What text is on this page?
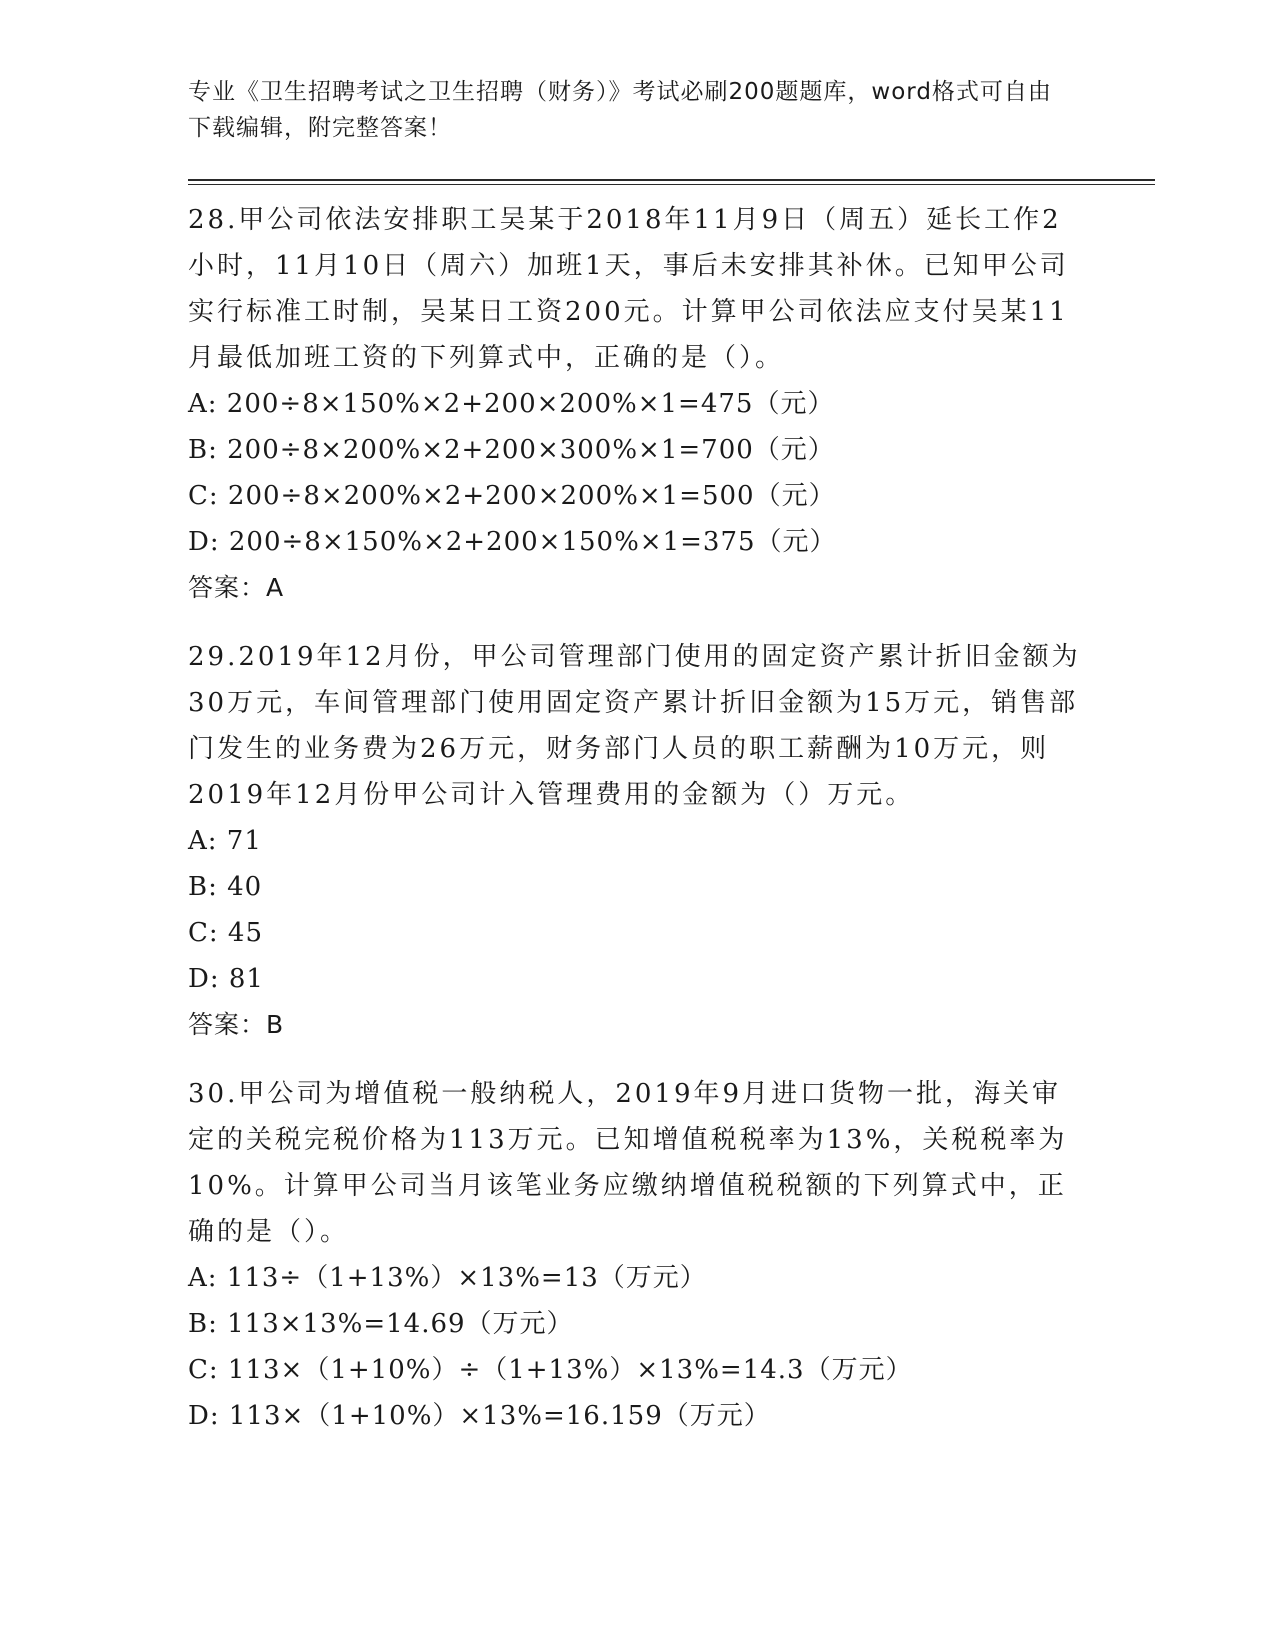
专业《卫生招聘考试之卫生招聘（财务）》考试必刷200题题库，word格式可自由下载编辑，附完整答案！

28.甲公司依法安排职工吴某于2018年11月9日（周五）延长工作2小时，11月10日（周六）加班1天，事后未安排其补休。已知甲公司实行标准工时制，吴某日工资200元。计算甲公司依法应支付吴某11月最低加班工资的下列算式中，正确的是（）。

A: 200÷8×150%×2+200×200%×1=475（元）

B: 200÷8×200%×2+200×300%×1=700（元）

C: 200÷8×200%×2+200×200%×1=500（元）

D: 200÷8×150%×2+200×150%×1=375（元）

答案：A

29.2019年12月份，甲公司管理部门使用的固定资产累计折旧金额为30万元，车间管理部门使用固定资产累计折旧金额为15万元，销售部门发生的业务费为26万元，财务部门人员的职工薪酬为10万元，则2019年12月份甲公司计入管理费用的金额为（）万元。

A: 71

B: 40

C: 45

D: 81

答案：B

30.甲公司为增值税一般纳税人，2019年9月进口货物一批，海关审定的关税完税价格为113万元。已知增值税税率为13%，关税税率为10%。计算甲公司当月该笔业务应缴纳增值税税额的下列算式中，正确的是（）。

A: 113÷（1+13%）×13%=13（万元）

B: 113×13%=14.69（万元）

C: 113×（1+10%）÷（1+13%）×13%=14.3（万元）

D: 113×（1+10%）×13%=16.159（万元）
